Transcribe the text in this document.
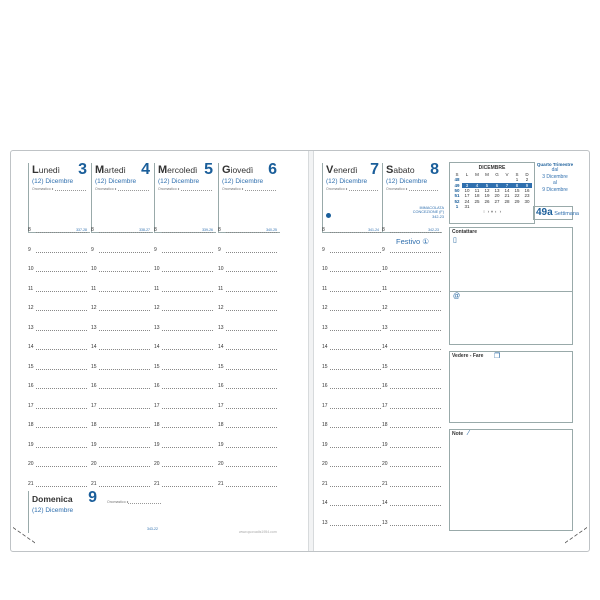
Lunedì 3
(12) Dicembre
Onomastico ♦
337-28
Martedì 4
(12) Dicembre
Onomastico ♦
338-27
Mercoledì 5
(12) Dicembre
Onomastico ♦
339-26
Giovedì 6
(12) Dicembre
Onomastico ♦
340-25
Venerdì 7
(12) Dicembre
Onomastico ♦
341-24
Sabato 8
(12) Dicembre
Onomastico ♦
342-23
8
9
10
11
12
13
14
15
16
17
18
19
20
21
8
9
10
11
12
13
14
15
16
17
18
19
20
21
8
9
10
11
12
13
14
15
16
17
18
19
20
21
8
9
10
11
12
13
14
15
16
17
18
19
20
21
8
9
10
11
12
13
14
15
16
17
18
19
20
21
14
13
8
9
10
11
12
13
14
15
16
17
18
19
20
21
14
13
Festivo ①
IMMACOLATA
CONCEZIONE (F)
342-23
Domenica 9
(12) Dicembre
Onomastico ♦
343-22
www.quovadis1954.com
DICEMBRE
S	L	M	M	G	V	S	D
48						1	2
49	3	4	5	6	7	8	9
50	10	11	12	13	14	15	16
51	17	18	19	20	21	22	23
52	24	25	26	27	28	29	30
1	31						
○ ◑ ● ◐ ◑							
Quarto Trimestre
dal
3 Dicembre
al
9 Dicembre
49a Settimana
Contattare
▯
@
Vedere - Fare ❐
Note ⁄
